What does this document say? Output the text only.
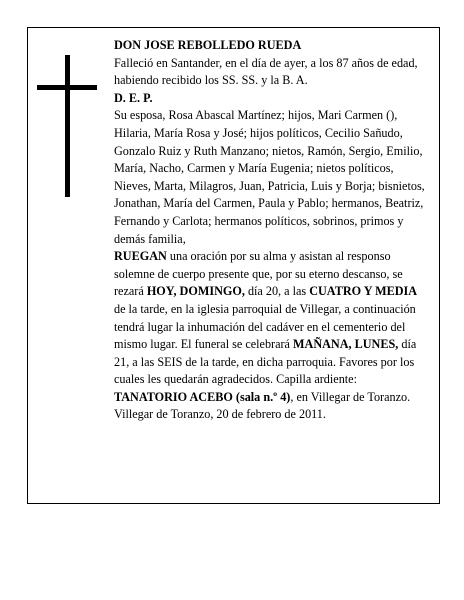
DON JOSE REBOLLEDO RUEDA

Falleció en Santander, en el día de ayer, a los 87 años de edad, habiendo recibido los SS. SS. y la B. A.

D. E. P.

Su esposa, Rosa Abascal Martínez; hijos, Mari Carmen (), Hilaria, María Rosa y José; hijos políticos, Cecilio Sañudo, Gonzalo Ruiz y Ruth Manzano; nietos, Ramón, Sergio, Emilio, María, Nacho, Carmen y María Eugenia; nietos políticos, Nieves, Marta, Milagros, Juan, Patricia, Luis y Borja; bisnietos, Jonathan, María del Carmen, Paula y Pablo; hermanos, Beatriz, Fernando y Carlota; hermanos políticos, sobrinos, primos y demás familia,

RUEGAN una oración por su alma y asistan al responso solemne de cuerpo presente que, por su eterno descanso, se rezará HOY, DOMINGO, día 20, a las CUATRO Y MEDIA de la tarde, en la iglesia parroquial de Villegar, a continuación tendrá lugar la inhumación del cadáver en el cementerio del mismo lugar. El funeral se celebrará MAÑANA, LUNES, día 21, a las SEIS de la tarde, en dicha parroquia. Favores por los cuales les quedarán agradecidos. Capilla ardiente: TANATORIO ACEBO (sala n.º 4), en Villegar de Toranzo.

Villegar de Toranzo, 20 de febrero de 2011.
